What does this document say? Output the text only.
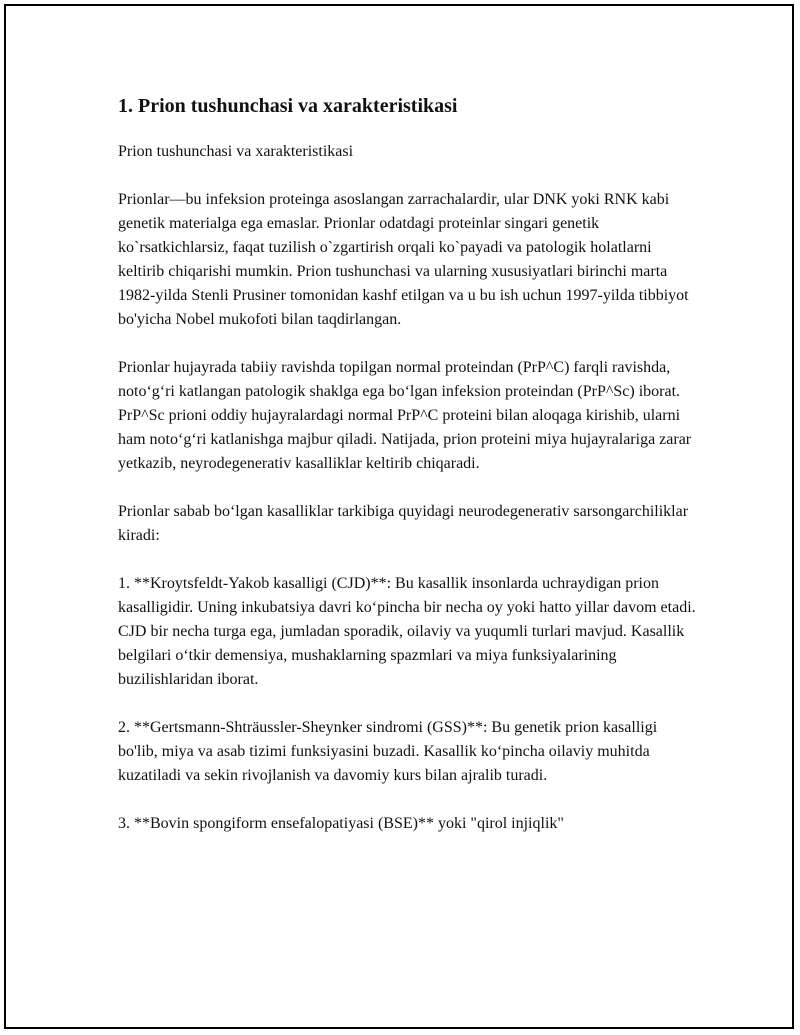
1. Prion tushunchasi va xarakteristikasi

Prion tushunchasi va xarakteristikasi

Prionlar—bu infeksion proteinga asoslangan zarrachalardir, ular DNK yoki RNK kabi genetik materialga ega emaslar. Prionlar odatdagi proteinlar singari genetik ko`rsatkichlarsiz, faqat tuzilish o`zgartirish orqali ko`payadi va patologik holatlarni keltirib chiqarishi mumkin. Prion tushunchasi va ularning xususiyatlari birinchi marta 1982-yilda Stenli Prusiner tomonidan kashf etilgan va u bu ish uchun 1997-yilda tibbiyot bo'yicha Nobel mukofoti bilan taqdirlangan.

Prionlar hujayrada tabiiy ravishda topilgan normal proteindan (PrP^C) farqli ravishda, noto‘g‘ri katlangan patologik shaklga ega bo‘lgan infeksion proteindan (PrP^Sc) iborat. PrP^Sc prioni oddiy hujayralardagi normal PrP^C proteini bilan aloqaga kirishib, ularni ham noto‘g‘ri katlanishga majbur qiladi. Natijada, prion proteini miya hujayralariga zarar yetkazib, neyrodegenerativ kasalliklar keltirib chiqaradi.

Prionlar sabab bo‘lgan kasalliklar tarkibiga quyidagi neurodegenerativ sarsongarchiliklar kiradi:

1. **Kroytsfeldt-Yakob kasalligi (CJD)**: Bu kasallik insonlarda uchraydigan prion kasalligidir. Uning inkubatsiya davri ko‘pincha bir necha oy yoki hatto yillar davom etadi. CJD bir necha turga ega, jumladan sporadik, oilaviy va yuqumli turlari mavjud. Kasallik belgilari o‘tkir demensiya, mushaklarning spazmlari va miya funksiyalarining buzilishlaridan iborat.

2. **Gertsmann-Shträussler-Sheynker sindromi (GSS)**: Bu genetik prion kasalligi bo'lib, miya va asab tizimi funksiyasini buzadi. Kasallik ko‘pincha oilaviy muhitda kuzatiladi va sekin rivojlanish va davomiy kurs bilan ajralib turadi.

3. **Bovin spongiform ensefalopatiyasi (BSE)** yoki "qirol injiqlik"
